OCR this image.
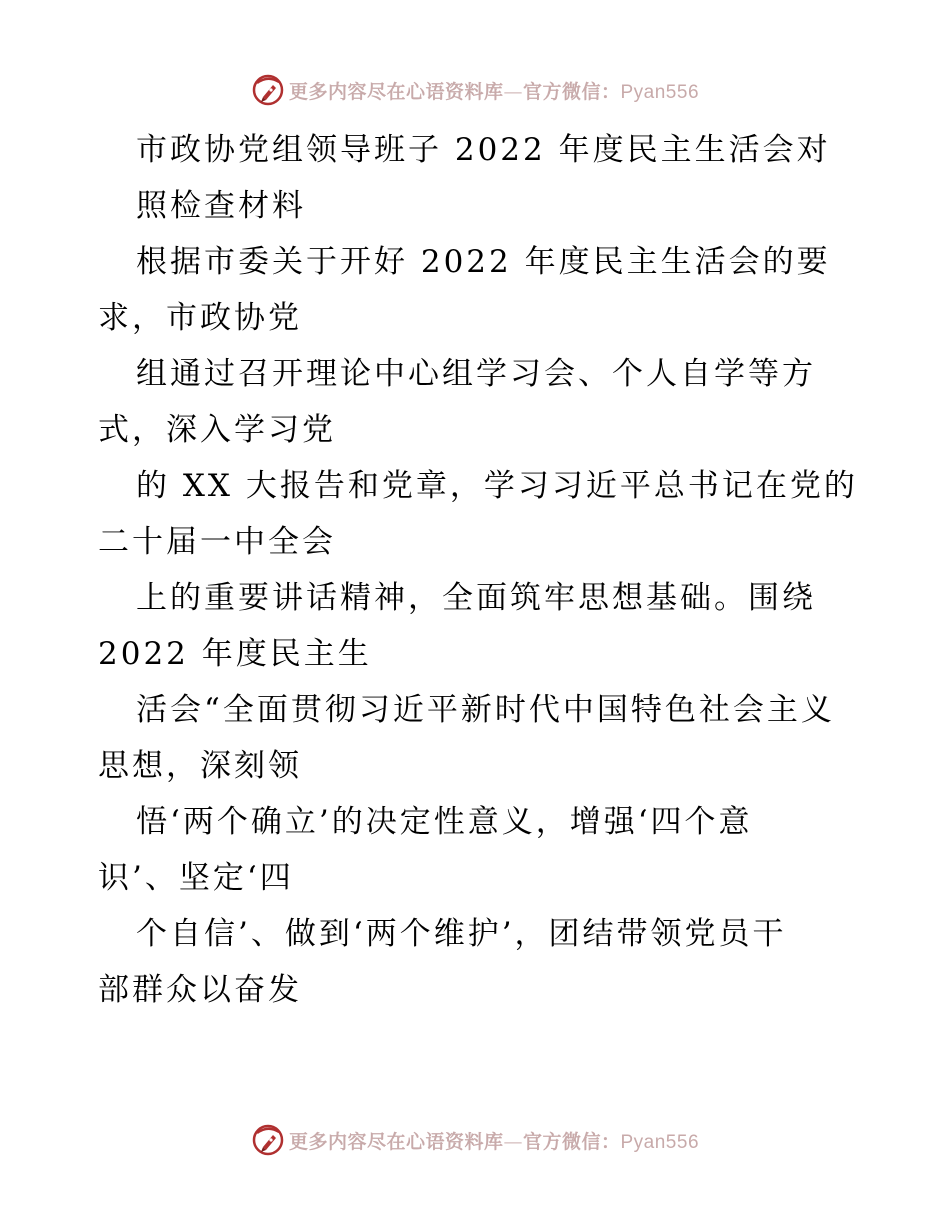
更多内容尽在心语资料库—官方微信：Pyan556
市政协党组领导班子 2022 年度民主生活会对
照检查材料
根据市委关于开好 2022 年度民主生活会的要
求，市政协党
组通过召开理论中心组学习会、个人自学等方
式，深入学习党
的 XX 大报告和党章，学习习近平总书记在党的
二十届一中全会
上的重要讲话精神，全面筑牢思想基础。围绕
2022 年度民主生
活会“全面贯彻习近平新时代中国特色社会主义
思想，深刻领
悟‘两个确立’的决定性意义，增强‘四个意
识’、坚定‘四
个自信’、做到‘两个维护’，团结带领党员干
部群众以奋发
更多内容尽在心语资料库—官方微信：Pyan556
